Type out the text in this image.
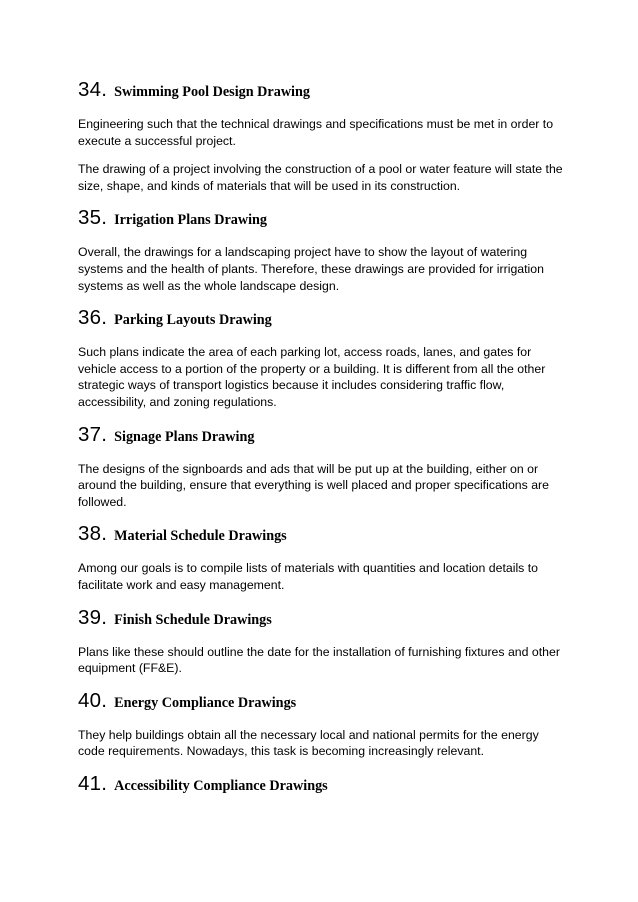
34. Swimming Pool Design Drawing

Engineering such that the technical drawings and specifications must be met in order to execute a successful project.

The drawing of a project involving the construction of a pool or water feature will state the size, shape, and kinds of materials that will be used in its construction.

35. Irrigation Plans Drawing

Overall, the drawings for a landscaping project have to show the layout of watering systems and the health of plants. Therefore, these drawings are provided for irrigation systems as well as the whole landscape design.

36. Parking Layouts Drawing

Such plans indicate the area of each parking lot, access roads, lanes, and gates for vehicle access to a portion of the property or a building. It is different from all the other strategic ways of transport logistics because it includes considering traffic flow, accessibility, and zoning regulations.

37. Signage Plans Drawing

The designs of the signboards and ads that will be put up at the building, either on or around the building, ensure that everything is well placed and proper specifications are followed.

38. Material Schedule Drawings

Among our goals is to compile lists of materials with quantities and location details to facilitate work and easy management.

39. Finish Schedule Drawings

Plans like these should outline the date for the installation of furnishing fixtures and other equipment (FF&E).

40. Energy Compliance Drawings

They help buildings obtain all the necessary local and national permits for the energy code requirements. Nowadays, this task is becoming increasingly relevant.

41. Accessibility Compliance Drawings
